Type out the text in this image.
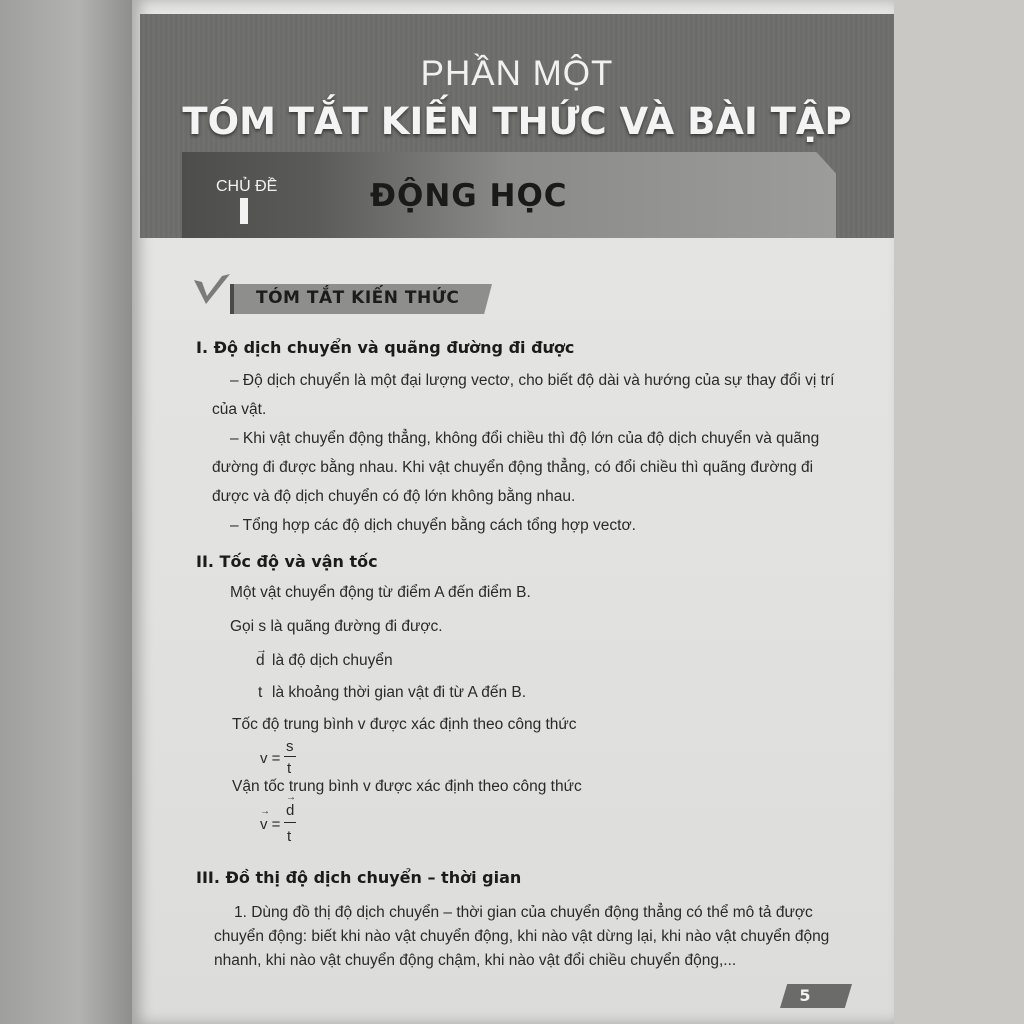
PHẦN MỘT
TÓM TẮT KIẾN THỨC VÀ BÀI TẬP
CHỦ ĐỀ	ĐỘNG HỌC
TÓM TẮT KIẾN THỨC
I. Độ dịch chuyển và quãng đường đi được
– Độ dịch chuyển là một đại lượng vectơ, cho biết độ dài và hướng của sự thay đổi vị trí
của vật.
– Khi vật chuyển động thẳng, không đổi chiều thì độ lớn của độ dịch chuyển và quãng
đường đi được bằng nhau. Khi vật chuyển động thẳng, có đổi chiều thì quãng đường đi
được và độ dịch chuyển có độ lớn không bằng nhau.
– Tổng hợp các độ dịch chuyển bằng cách tổng hợp vectơ.
II. Tốc độ và vận tốc
Một vật chuyển động từ điểm A đến điểm B.
Gọi s là quãng đường đi được.
→
d là độ dịch chuyển
t là khoảng thời gian vật đi từ A đến B.
Tốc độ trung bình v được xác định theo công thức
v =
s
t
Vận tốc trung bình v được xác định theo công thức
→
v =
→
d
t
III. Đồ thị độ dịch chuyển – thời gian
1. Dùng đồ thị độ dịch chuyển – thời gian của chuyển động thẳng có thể mô tả được
chuyển động: biết khi nào vật chuyển động, khi nào vật dừng lại, khi nào vật chuyển động
nhanh, khi nào vật chuyển động chậm, khi nào vật đổi chiều chuyển động,...
5
